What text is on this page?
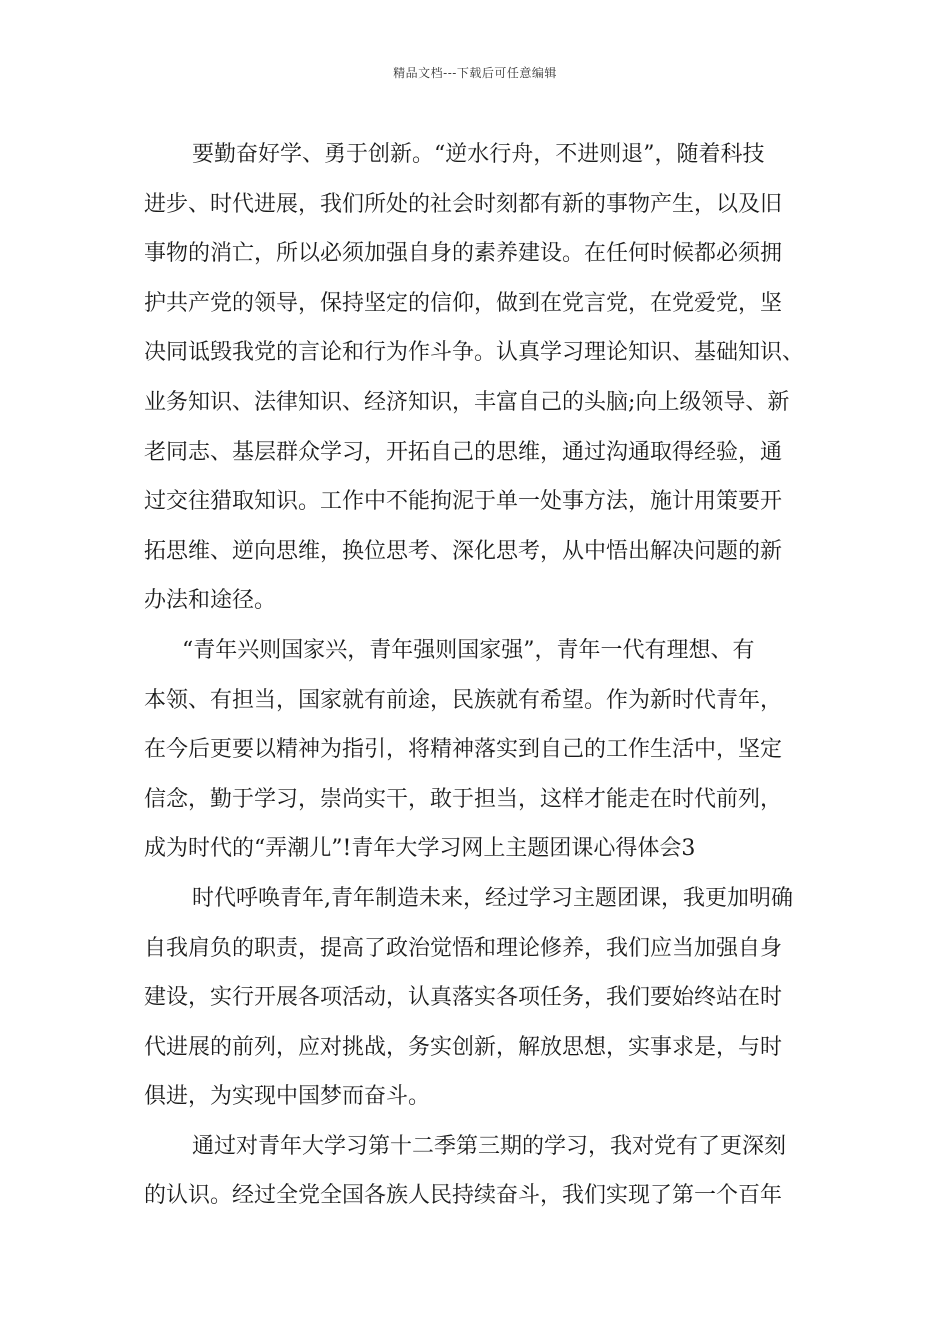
精品文档---下载后可任意编辑
要勤奋好学、勇于创新。“逆水行舟，不进则退”，随着科技
进步、时代进展，我们所处的社会时刻都有新的事物产生，以及旧
事物的消亡，所以必须加强自身的素养建设。在任何时候都必须拥
护共产党的领导，保持坚定的信仰，做到在党言党，在党爱党，坚
决同诋毁我党的言论和行为作斗争。认真学习理论知识、基础知识、
业务知识、法律知识、经济知识，丰富自己的头脑;向上级领导、新
老同志、基层群众学习，开拓自己的思维，通过沟通取得经验，通
过交往猎取知识。工作中不能拘泥于单一处事方法，施计用策要开
拓思维、逆向思维，换位思考、深化思考，从中悟出解决问题的新
办法和途径。
“青年兴则国家兴，青年强则国家强”，青年一代有理想、有
本领、有担当，国家就有前途，民族就有希望。作为新时代青年，
在今后更要以精神为指引，将精神落实到自己的工作生活中，坚定
信念，勤于学习，崇尚实干，敢于担当，这样才能走在时代前列，
成为时代的“弄潮儿”!青年大学习网上主题团课心得体会3
时代呼唤青年,青年制造未来，经过学习主题团课，我更加明确
自我肩负的职责，提高了政治觉悟和理论修养，我们应当加强自身
建设，实行开展各项活动，认真落实各项任务，我们要始终站在时
代进展的前列，应对挑战，务实创新，解放思想，实事求是，与时
俱进，为实现中国梦而奋斗。
通过对青年大学习第十二季第三期的学习，我对党有了更深刻
的认识。经过全党全国各族人民持续奋斗，我们实现了第一个百年
